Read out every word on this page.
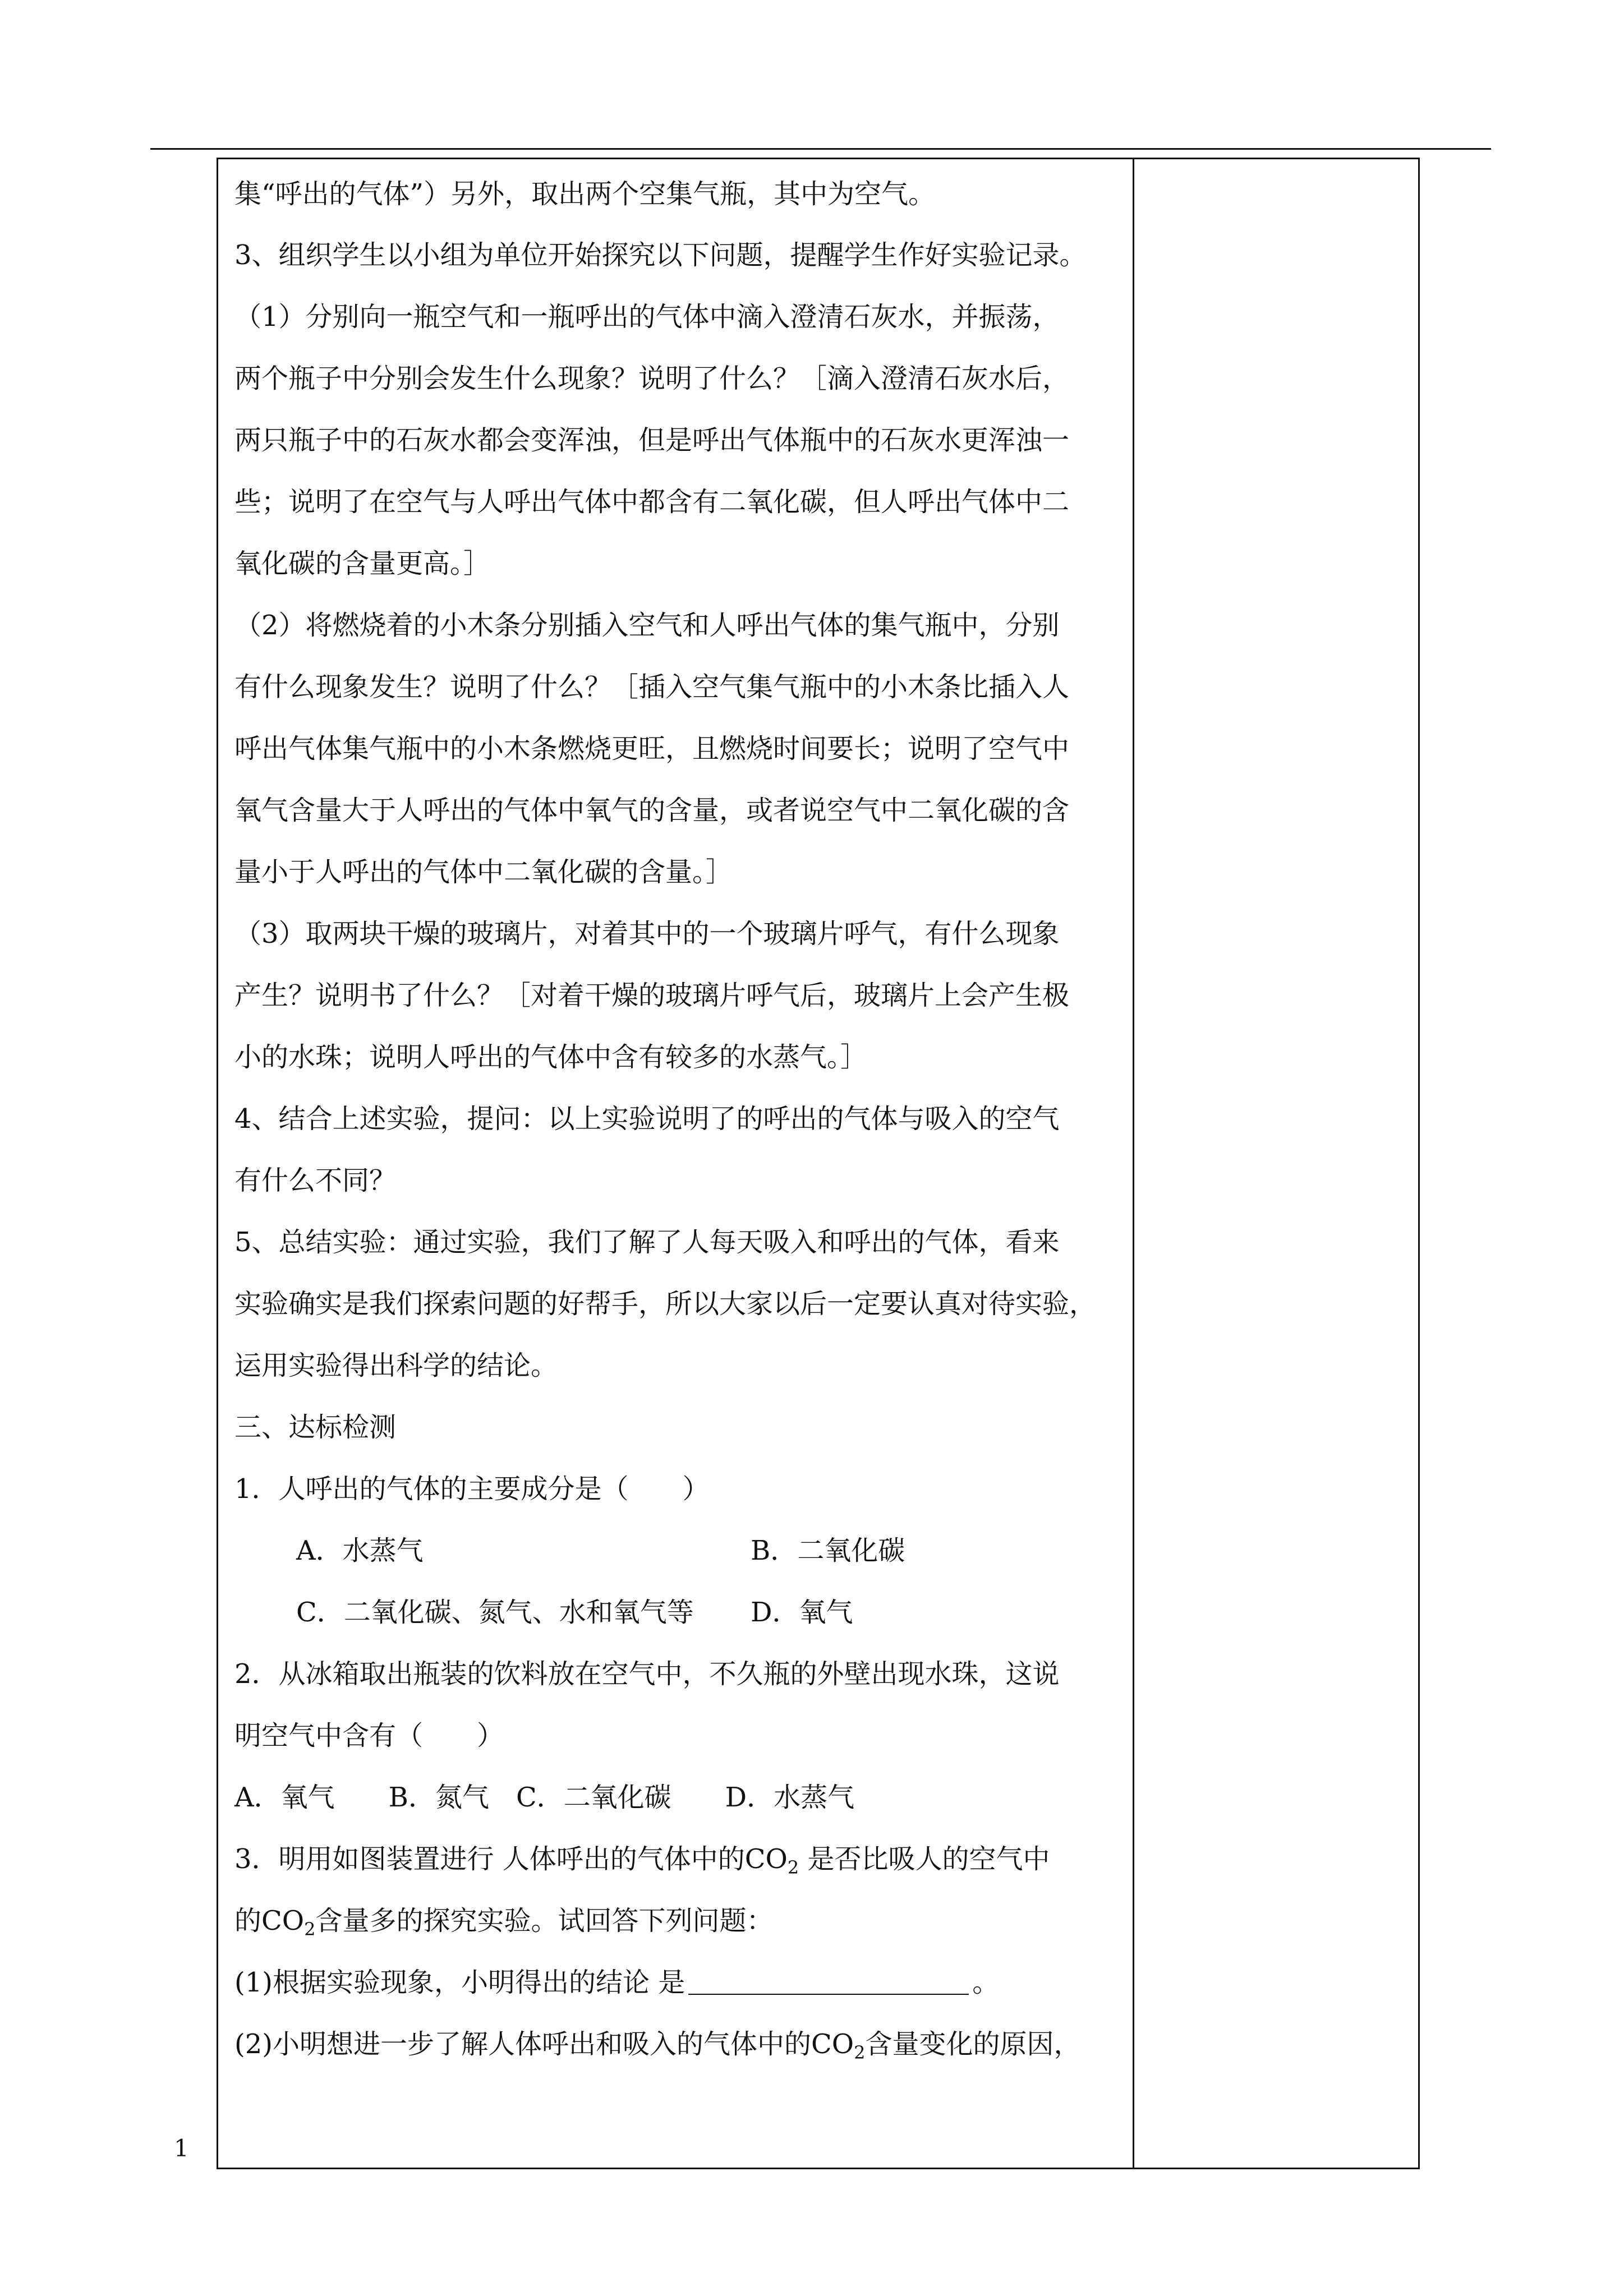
集“呼出的气体”）另外，取出两个空集气瓶，其中为空气。
3、组织学生以小组为单位开始探究以下问题，提醒学生作好实验记录。
（1）分别向一瓶空气和一瓶呼出的气体中滴入澄清石灰水，并振荡，
两个瓶子中分别会发生什么现象？说明了什么？［滴入澄清石灰水后，
两只瓶子中的石灰水都会变浑浊，但是呼出气体瓶中的石灰水更浑浊一
些；说明了在空气与人呼出气体中都含有二氧化碳，但人呼出气体中二
氧化碳的含量更高。］
（2）将燃烧着的小木条分别插入空气和人呼出气体的集气瓶中，分别
有什么现象发生？说明了什么？［插入空气集气瓶中的小木条比插入人
呼出气体集气瓶中的小木条燃烧更旺，且燃烧时间要长；说明了空气中
氧气含量大于人呼出的气体中氧气的含量，或者说空气中二氧化碳的含
量小于人呼出的气体中二氧化碳的含量。］
（3）取两块干燥的玻璃片，对着其中的一个玻璃片呼气，有什么现象
产生？说明书了什么？［对着干燥的玻璃片呼气后，玻璃片上会产生极
小的水珠；说明人呼出的气体中含有较多的水蒸气。］
4、结合上述实验，提问：以上实验说明了的呼出的气体与吸入的空气
有什么不同？
5、总结实验：通过实验，我们了解了人每天吸入和呼出的气体，看来
实验确实是我们探索问题的好帮手，所以大家以后一定要认真对待实验，
运用实验得出科学的结论。
三、达标检测
1．人呼出的气体的主要成分是（　　）
A．水蒸气	B．二氧化碳
C．二氧化碳、氮气、水和氧气等 D．氧气
2．从冰箱取出瓶装的饮料放在空气中，不久瓶的外壁出现水珠，这说
明空气中含有（　　）
A．氧气　　B．氮气　C．二氧化碳　　D．水蒸气
3．明用如图装置进行 人体呼出的气体中的$CO_2$ 是否比吸人的空气中
的$CO_2$含量多的探究实验。试回答下列问题：
(1)根据实验现象，小明得出的结论 是	。
(2)小明想进一步了解人体呼出和吸入的气体中的$CO_2$含量变化的原因，
1
